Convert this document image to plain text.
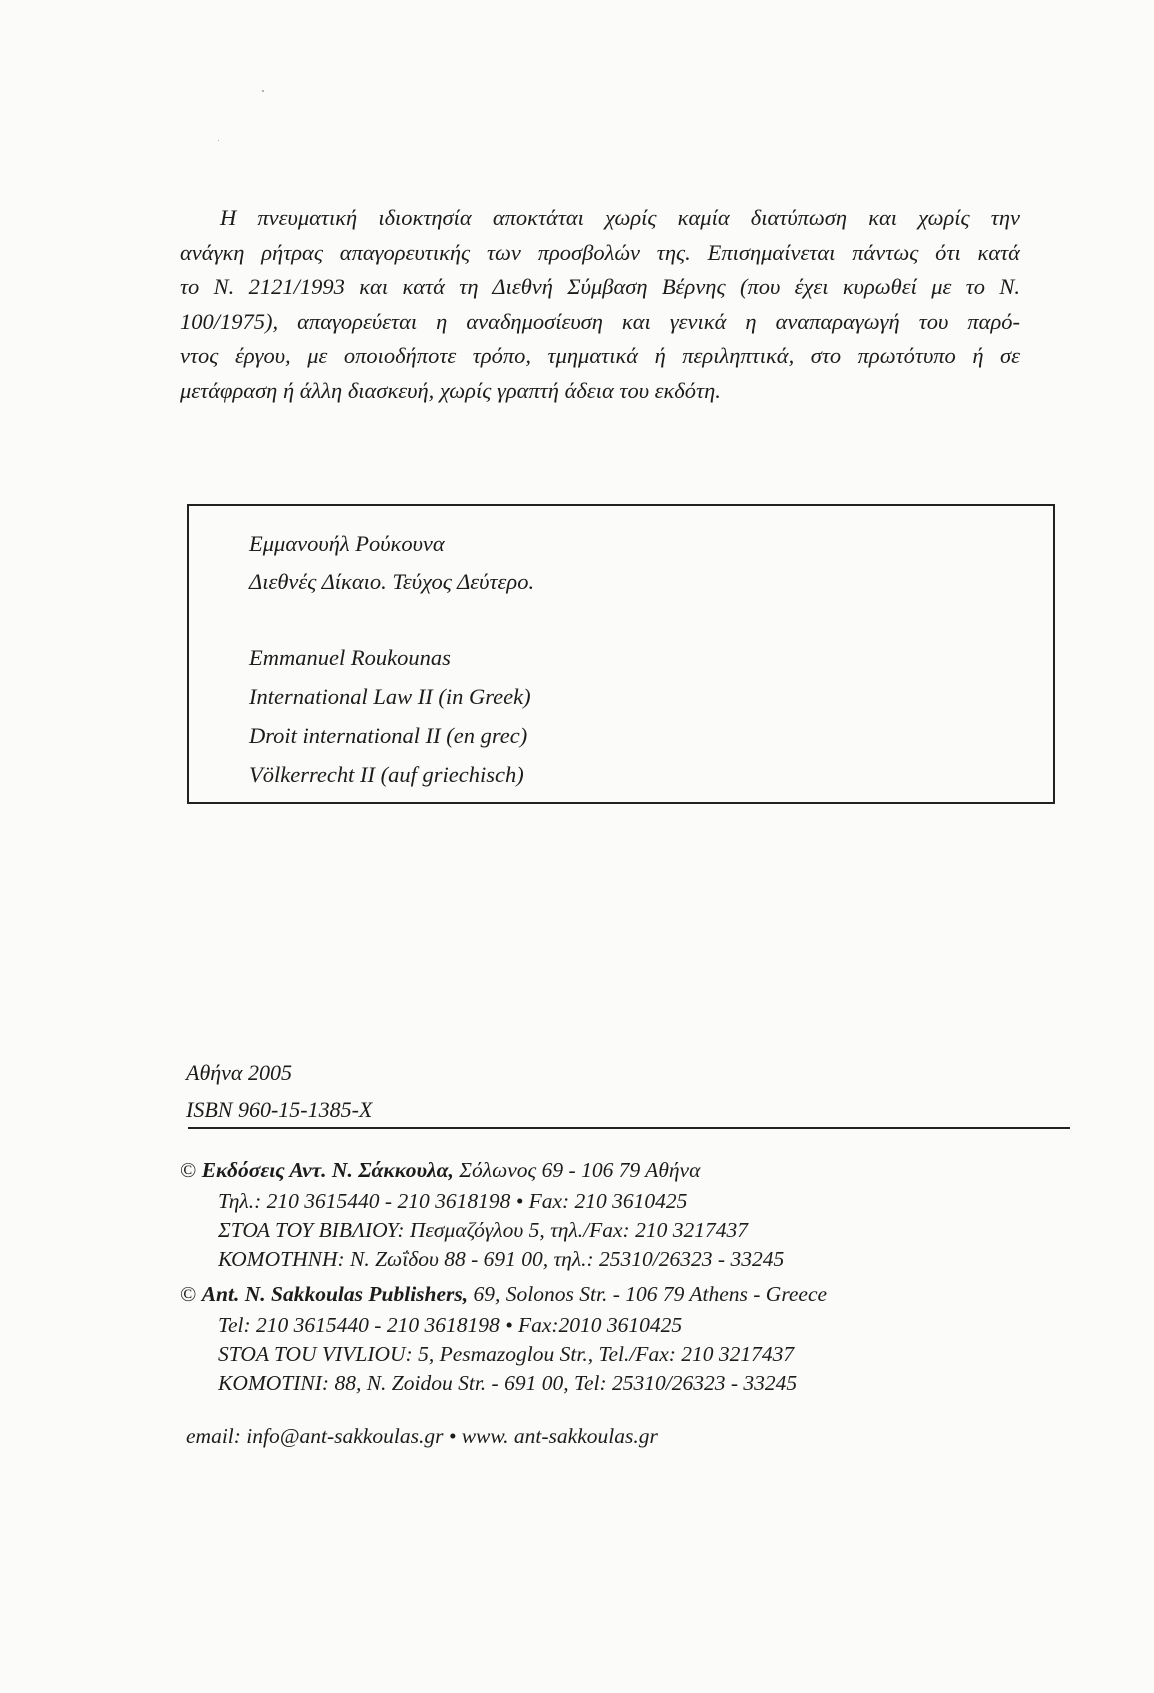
Η πνευματική ιδιοκτησία αποκτάται χωρίς καμία διατύπωση και χωρίς την

ανάγκη ρήτρας απαγορευτικής των προσβολών της. Επισημαίνεται πάντως ότι κατά

το Ν. 2121/1993 και κατά τη Διεθνή Σύμβαση Βέρνης (που έχει κυρωθεί με το Ν.

100/1975), απαγορεύεται η αναδημοσίευση και γενικά η αναπαραγωγή του παρό-

ντος έργου, με οποιοδήποτε τρόπο, τμηματικά ή περιληπτικά, στο πρωτότυπο ή σε

μετάφραση ή άλλη διασκευή, χωρίς γραπτή άδεια του εκδότη.

Εμμανουήλ Ρούκουνα
Διεθνές Δίκαιο. Τεύχος Δεύτερο.
Emmanuel Roukounas
International Law II (in Greek)
Droit international II (en grec)
Völkerrecht II (auf griechisch)
Αθήνα 2005
ISBN 960-15-1385-X
© Εκδόσεις Αντ. Ν. Σάκκουλα, Σόλωνος 69 - 106 79 Αθήνα
Τηλ.: 210 3615440 - 210 3618198 • Fax: 210 3610425
ΣΤΟΑ ΤΟΥ ΒΙΒΛΙΟΥ: Πεσμαζόγλου 5, τηλ./Fax: 210 3217437
ΚΟΜΟΤΗΝΗ: Ν. Ζωΐδου 88 - 691 00, τηλ.: 25310/26323 - 33245
© Ant. N. Sakkoulas Publishers, 69, Solonos Str. - 106 79 Athens - Greece
Tel: 210 3615440 - 210 3618198 • Fax:2010 3610425
STOA TOU VIVLIOU: 5, Pesmazoglou Str., Tel./Fax: 210 3217437
KOMOTINI: 88, N. Zoidou Str. - 691 00, Tel: 25310/26323 - 33245
email: info@ant-sakkoulas.gr • www. ant-sakkoulas.gr
